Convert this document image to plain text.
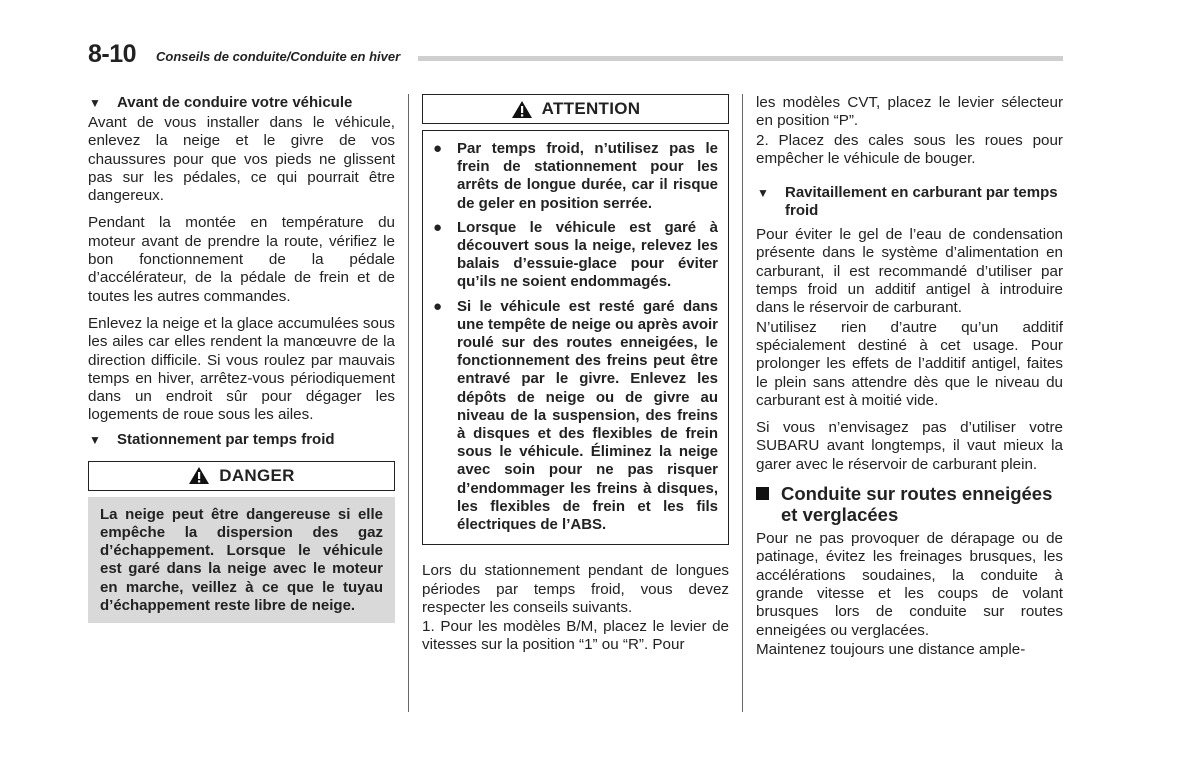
8-10 Conseils de conduite/Conduite en hiver
▼	Avant de conduire votre véhicule

Avant de vous installer dans le véhicule, enlevez la neige et le givre de vos chaussures pour que vos pieds ne glissent pas sur les pédales, ce qui pourrait être dangereux.

Pendant la montée en température du moteur avant de prendre la route, vérifiez le bon fonctionnement de la pédale d’accélérateur, de la pédale de frein et de toutes les autres commandes.

Enlevez la neige et la glace accumulées sous les ailes car elles rendent la manœuvre de la direction difficile. Si vous roulez par mauvais temps en hiver, arrêtez-vous périodiquement dans un endroit sûr pour dégager les logements de roue sous les ailes.

▼	Stationnement par temps froid
DANGER
La neige peut être dangereuse si elle empêche la dispersion des gaz d’échappement. Lorsque le véhicule est garé dans la neige avec le moteur en marche, veillez à ce que le tuyau d’échappement reste libre de neige.
ATTENTION
● Par temps froid, n’utilisez pas le frein de stationnement pour les arrêts de longue durée, car il risque de geler en position serrée.
● Lorsque le véhicule est garé à découvert sous la neige, relevez les balais d’essuie-glace pour éviter qu’ils ne soient endommagés.
● Si le véhicule est resté garé dans une tempête de neige ou après avoir roulé sur des routes enneigées, le fonctionnement des freins peut être entravé par le givre. Enlevez les dépôts de neige ou de givre au niveau de la suspension, des freins à disques et des flexibles de frein sous le véhicule. Éliminez la neige avec soin pour ne pas risquer d’endommager les freins à disques, les flexibles de frein et les fils électriques de l’ABS.

Lors du stationnement pendant de longues périodes par temps froid, vous devez respecter les conseils suivants.

1. Pour les modèles B/M, placez le levier de vitesses sur la position “1” ou “R”. Pour

les modèles CVT, placez le levier sélecteur en position “P”.

2. Placez des cales sous les roues pour empêcher le véhicule de bouger.

▼	Ravitaillement en carburant par temps froid

Pour éviter le gel de l’eau de condensation présente dans le système d’alimentation en carburant, il est recommandé d’utiliser par temps froid un additif antigel à introduire dans le réservoir de carburant.

N’utilisez rien d’autre qu’un additif spécialement destiné à cet usage. Pour prolonger les effets de l’additif antigel, faites le plein sans attendre dès que le niveau du carburant est à moitié vide.

Si vous n’envisagez pas d’utiliser votre SUBARU avant longtemps, il vaut mieux la garer avec le réservoir de carburant plein.

Conduite sur routes enneigées et verglacées

Pour ne pas provoquer de dérapage ou de patinage, évitez les freinages brusques, les accélérations soudaines, la conduite à grande vitesse et les coups de volant brusques lors de conduite sur routes enneigées ou verglacées.

Maintenez toujours une distance ample-
